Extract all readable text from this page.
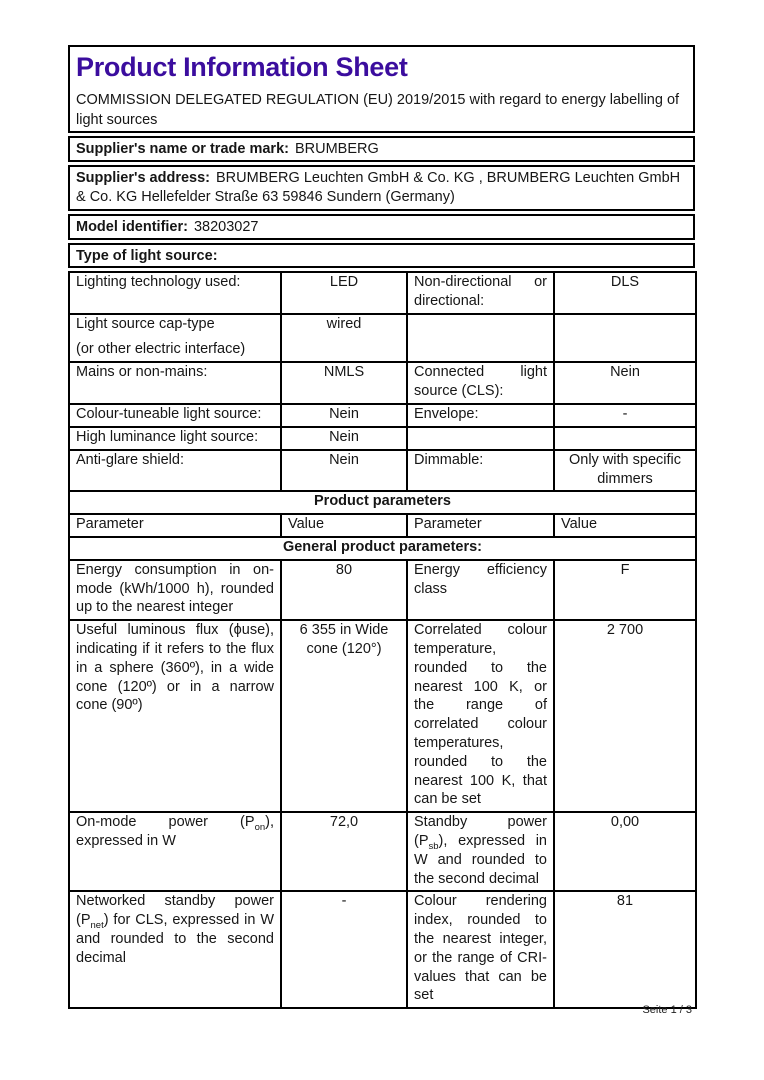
Product Information Sheet

COMMISSION DELEGATED REGULATION (EU) 2019/2015 with regard to energy labelling of light sources

Supplier's name or trade mark: BRUMBERG
Supplier's address: BRUMBERG Leuchten GmbH & Co. KG , BRUMBERG Leuchten GmbH & Co. KG Hellefelder Straße 63 59846 Sundern (Germany)
Model identifier: 38203027
Type of light source:
Lighting technology used:	LED	Non-directional or directional:	DLS

Light source cap-type
(or other electric interface)	wired		
Mains or non-mains:	NMLS	Connected light source (CLS):	Nein
Colour-tuneable light source:	Nein	Envelope:	-
High luminance light source:	Nein		
Anti-glare shield:	Nein	Dimmable:	Only with specific dimmers
Product parameters			
Parameter	Value	Parameter	Value
General product parameters:			
Energy consumption in on-mode (kWh/1000 h), rounded up to the nearest integer	80	Energy efficiency class	F
Useful luminous flux (ϕuse), indicating if it refers to the flux in a sphere (360º), in a wide cone (120º) or in a narrow cone (90º)	6 355 in Wide cone (120°)	Correlated colour temperature, rounded to the nearest 100 K, or the range of correlated colour temperatures, rounded to the nearest 100 K, that can be set	2 700
On-mode power $(P_{on})$, expressed in W	72,0	Standby power $(P_{sb})$, expressed in W and rounded to the second decimal	0,00
Networked standby power $(P_{net})$ for CLS, expressed in W and rounded to the second decimal	-	Colour rendering index, rounded to the nearest integer, or the range of CRI-values that can be set	81
Seite 1 / 3
